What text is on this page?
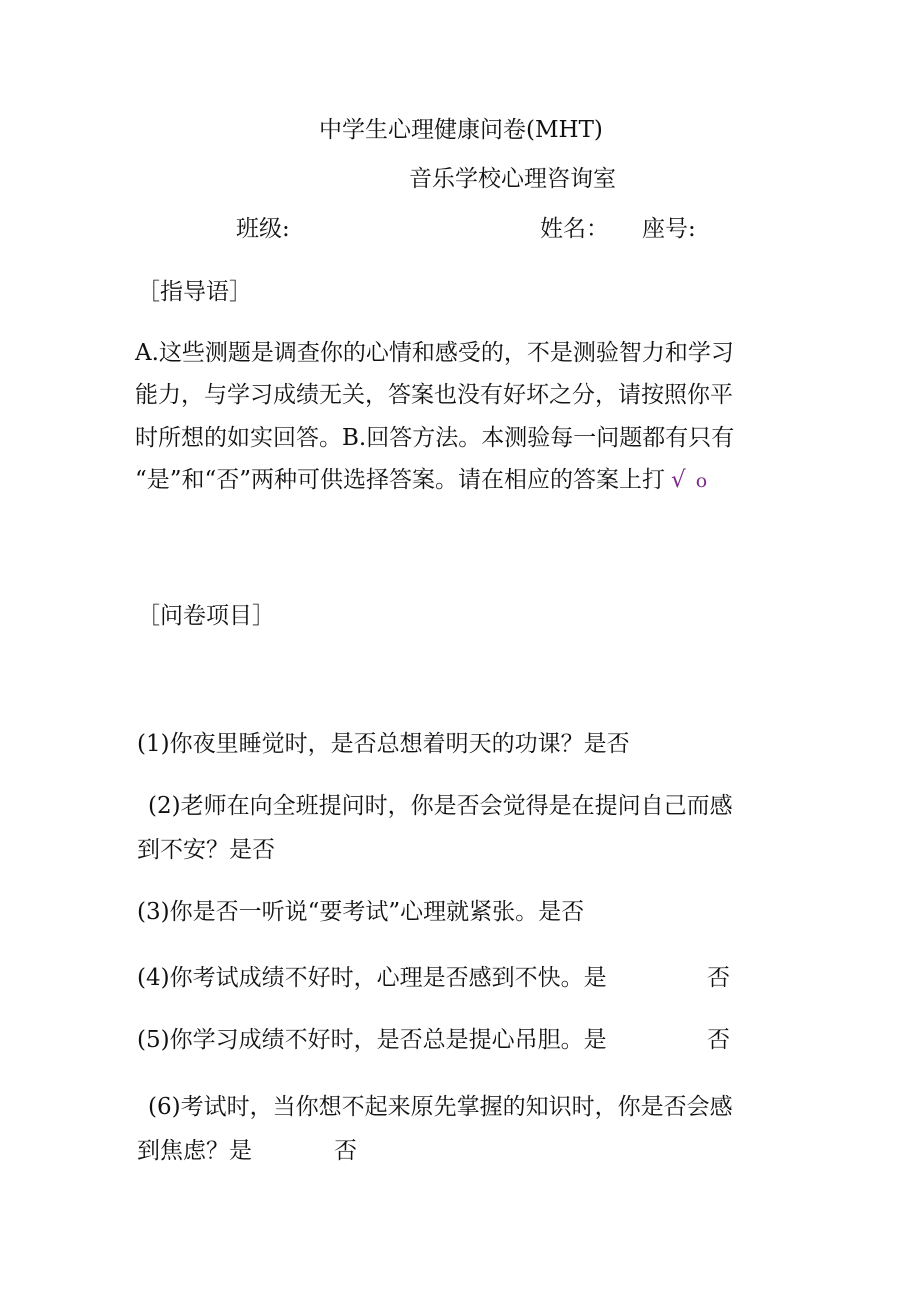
中学生心理健康问卷(MHT)
音乐学校心理咨询室
班级:	姓名： 座号:
［指导语］
A.这些测题是调查你的心情和感受的，不是测验智力和学习
能力，与学习成绩无关，答案也没有好坏之分，请按照你平
时所想的如实回答。B.回答方法。本测验每一问题都有只有
“是”和“否”两种可供选择答案。请在相应的答案上打 √ o
［问卷项目］
(1)你夜里睡觉时，是否总想着明天的功课？是否
(2)老师在向全班提问时，你是否会觉得是在提问自己而感
到不安？是否
(3)你是否一听说“要考试”心理就紧张。是否
(4)你考试成绩不好时，心理是否感到不快。是	否
(5)你学习成绩不好时，是否总是提心吊胆。是	否
(6)考试时，当你想不起来原先掌握的知识时，你是否会感
到焦虑？是	否
